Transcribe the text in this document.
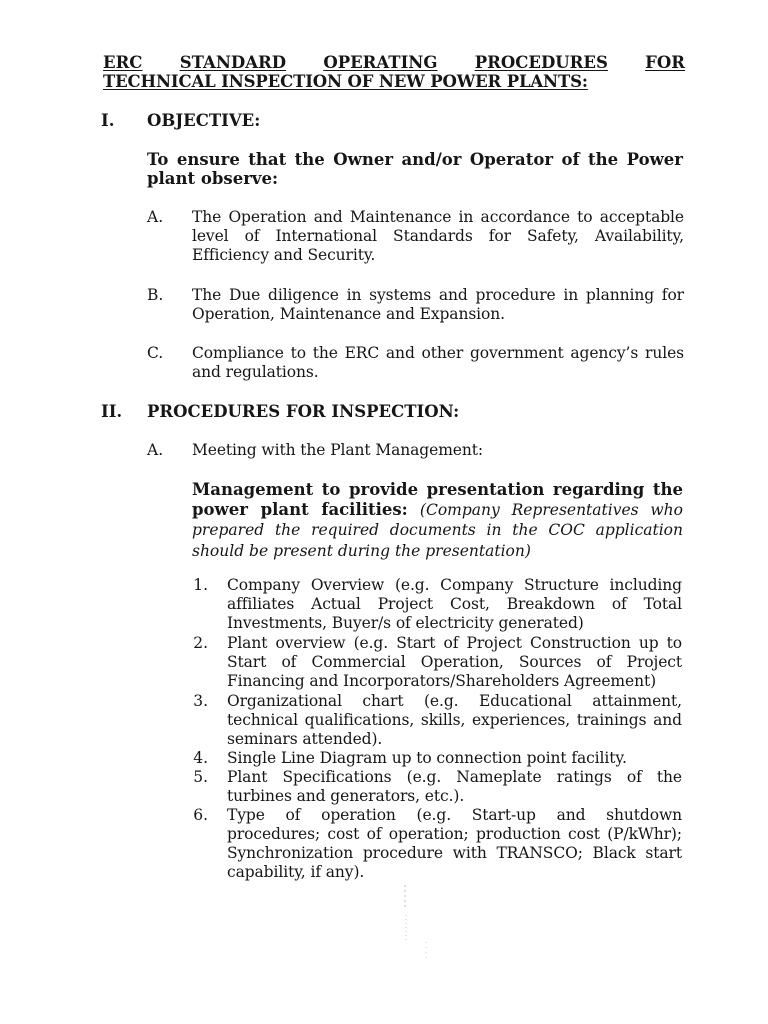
ERC STANDARD OPERATING PROCEDURES FOR
TECHNICAL INSPECTION OF NEW POWER PLANTS:
I. OBJECTIVE:
To ensure that the Owner and/or Operator of the Power plant observe:
A. The Operation and Maintenance in accordance to acceptable level of International Standards for Safety, Availability, Efficiency and Security.
B. The Due diligence in systems and procedure in planning for Operation, Maintenance and Expansion.
C. Compliance to the ERC and other government agency’s rules and regulations.
II. PROCEDURES FOR INSPECTION:
A. Meeting with the Plant Management:
Management to provide presentation regarding the power plant facilities: (Company Representatives who prepared the required documents in the COC application should be present during the presentation)
1. Company Overview (e.g. Company Structure including affiliates Actual Project Cost, Breakdown of Total Investments, Buyer/s of electricity generated)
2. Plant overview (e.g. Start of Project Construction up to Start of Commercial Operation, Sources of Project Financing and Incorporators/Shareholders Agreement)
3. Organizational chart (e.g. Educational attainment, technical qualifications, skills, experiences, trainings and seminars attended).
4. Single Line Diagram up to connection point facility.
5. Plant Specifications (e.g. Nameplate ratings of the turbines and generators, etc.).
6. Type of operation (e.g. Start-up and shutdown procedures; cost of operation; production cost (P/kWhr); Synchronization procedure with TRANSCO; Black start capability, if any).
